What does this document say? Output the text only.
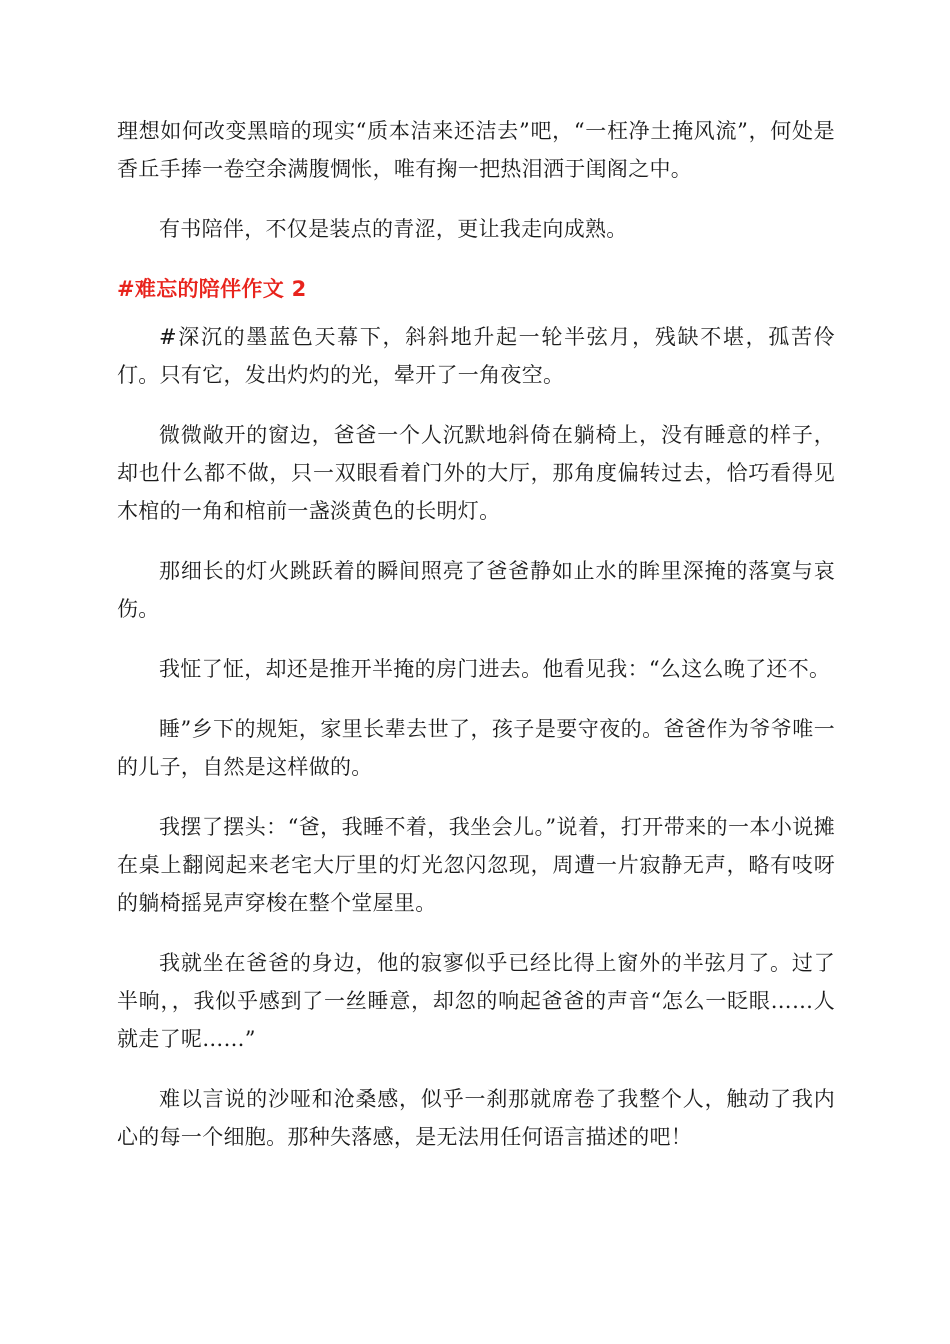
理想如何改变黑暗的现实“质本洁来还洁去”吧，“一枉净土掩风流”，何处是香丘手捧一卷空余满腹惆怅，唯有掬一把热泪洒于闺阁之中。

有书陪伴，不仅是装点的青涩，更让我走向成熟。

#难忘的陪伴作文 2

#深沉的墨蓝色天幕下，斜斜地升起一轮半弦月，残缺不堪，孤苦伶仃。只有它，发出灼灼的光，晕开了一角夜空。

微微敞开的窗边，爸爸一个人沉默地斜倚在躺椅上，没有睡意的样子，却也什么都不做，只一双眼看着门外的大厅，那角度偏转过去，恰巧看得见木棺的一角和棺前一盏淡黄色的长明灯。

那细长的灯火跳跃着的瞬间照亮了爸爸静如止水的眸里深掩的落寞与哀伤。

我怔了怔，却还是推开半掩的房门进去。他看见我：“么这么晚了还不。

睡”乡下的规矩，家里长辈去世了，孩子是要守夜的。爸爸作为爷爷唯一的儿子，自然是这样做的。

我摆了摆头：“爸，我睡不着，我坐会儿。”说着，打开带来的一本小说摊在桌上翻阅起来老宅大厅里的灯光忽闪忽现，周遭一片寂静无声，略有吱呀的躺椅摇晃声穿梭在整个堂屋里。

我就坐在爸爸的身边，他的寂寥似乎已经比得上窗外的半弦月了。过了半晌，，我似乎感到了一丝睡意，却忽的响起爸爸的声音“怎么一眨眼……人就走了呢……”

难以言说的沙哑和沧桑感，似乎一刹那就席卷了我整个人，触动了我内心的每一个细胞。那种失落感，是无法用任何语言描述的吧！
